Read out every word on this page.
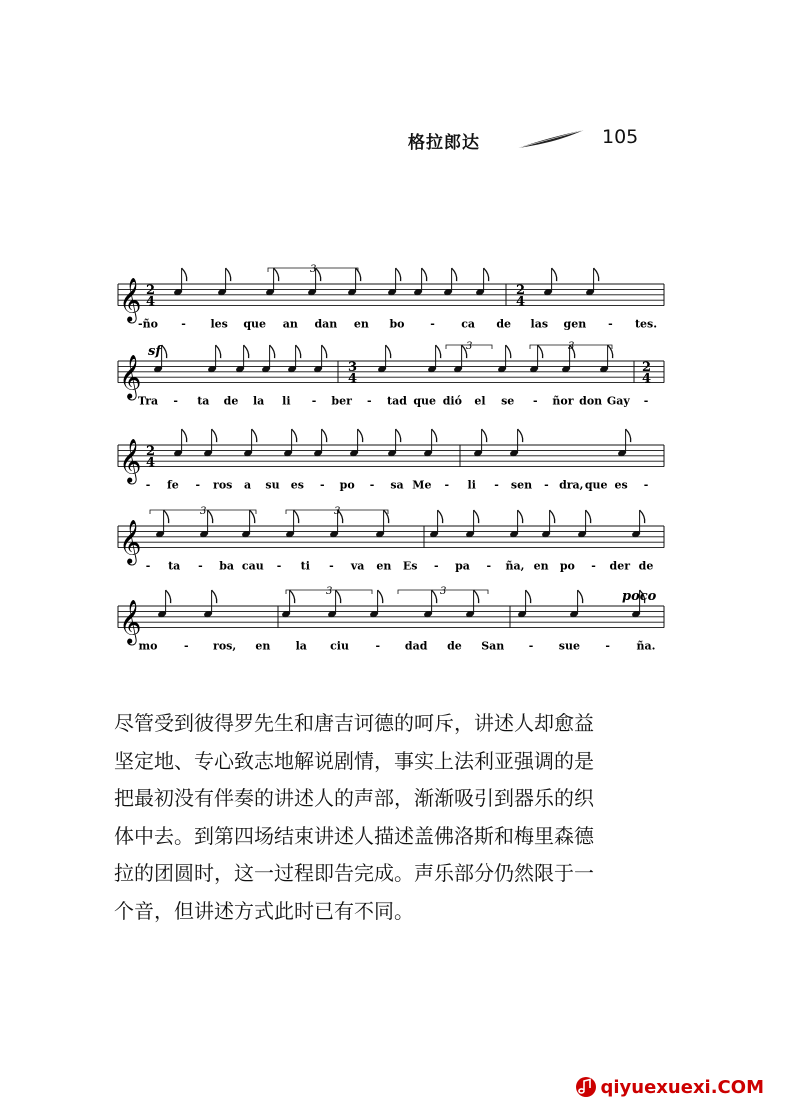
格拉郎达	105
𝄞 2
4
2
4
3
-ño - les que an dan en bo - ca de las gen - tes.
𝄞	3
4
2
4
3	3
sf
Tra - ta de la li - ber - tad que dió el se - ñor don Gay -
𝄞 2
4
- fe - ros a su es - po - sa Me - li - sen - dra, que es -
𝄞
3	3
- ta - ba cau - ti - va en Es - pa - ña, en po - der de
𝄞
3	3	poco
mo - ros, en la ciu - dad de San - sue - ña.

尽管受到彼得罗先生和唐吉诃德的呵斥，讲述人却愈益

坚定地、专心致志地解说剧情，事实上法利亚强调的是

把最初没有伴奏的讲述人的声部，渐渐吸引到器乐的织

体中去。到第四场结束讲述人描述盖佛洛斯和梅里森德

拉的团圆时，这一过程即告完成。声乐部分仍然限于一

个音，但讲述方式此时已有不同。

qiyuexuexi.COM
